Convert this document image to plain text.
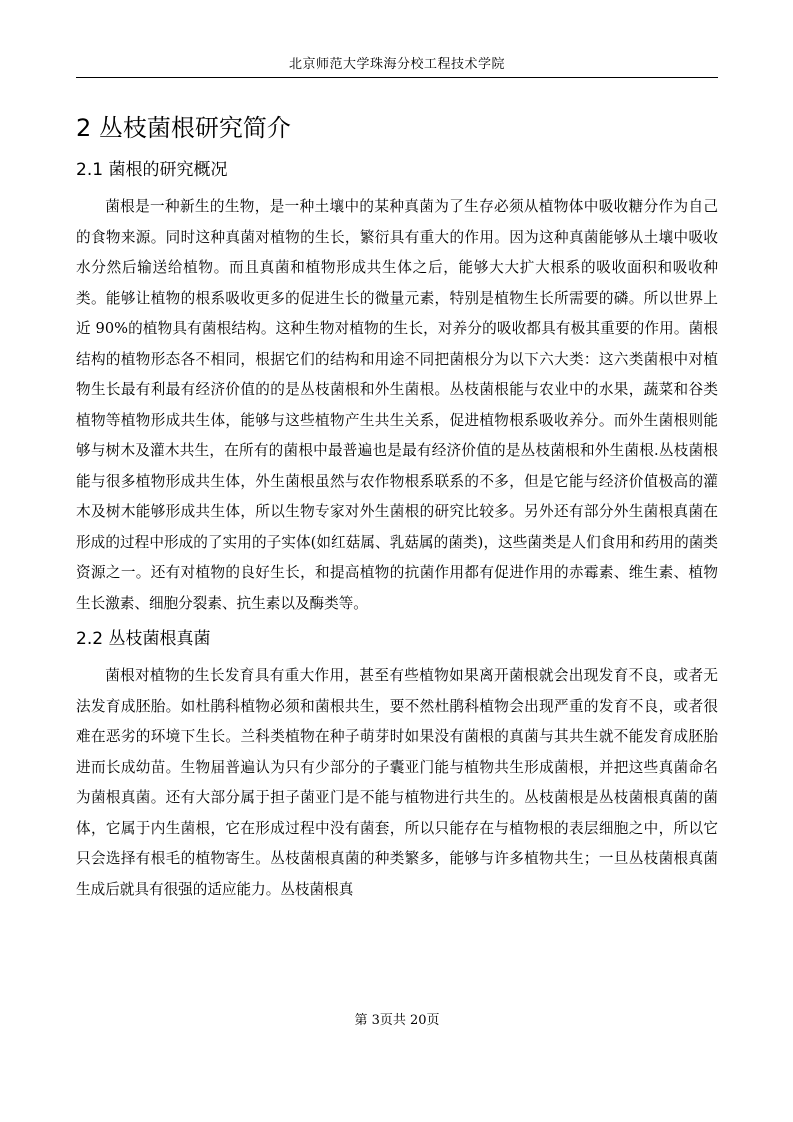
北京师范大学珠海分校工程技术学院
2 丛枝菌根研究简介
2.1 菌根的研究概况

菌根是一种新生的生物，是一种土壤中的某种真菌为了生存必须从植物体中吸收糖分作为自己的食物来源。同时这种真菌对植物的生长，繁衍具有重大的作用。因为这种真菌能够从土壤中吸收水分然后输送给植物。而且真菌和植物形成共生体之后，能够大大扩大根系的吸收面积和吸收种类。能够让植物的根系吸收更多的促进生长的微量元素，特别是植物生长所需要的磷。所以世界上近 90%的植物具有菌根结构。这种生物对植物的生长，对养分的吸收都具有极其重要的作用。菌根结构的植物形态各不相同，根据它们的结构和用途不同把菌根分为以下六大类：这六类菌根中对植物生长最有利最有经济价值的的是丛枝菌根和外生菌根。丛枝菌根能与农业中的水果，蔬菜和谷类植物等植物形成共生体，能够与这些植物产生共生关系，促进植物根系吸收养分。而外生菌根则能够与树木及灌木共生，在所有的菌根中最普遍也是最有经济价值的是丛枝菌根和外生菌根.丛枝菌根能与很多植物形成共生体，外生菌根虽然与农作物根系联系的不多，但是它能与经济价值极高的灌木及树木能够形成共生体，所以生物专家对外生菌根的研究比较多。另外还有部分外生菌根真菌在形成的过程中形成的了实用的子实体(如红菇属、乳菇属的菌类)，这些菌类是人们食用和药用的菌类资源之一。还有对植物的良好生长，和提高植物的抗菌作用都有促进作用的赤霉素、维生素、植物生长激素、细胞分裂素、抗生素以及酶类等。

2.2 丛枝菌根真菌

菌根对植物的生长发育具有重大作用，甚至有些植物如果离开菌根就会出现发育不良，或者无法发育成胚胎。如杜鹃科植物必须和菌根共生，要不然杜鹃科植物会出现严重的发育不良，或者很难在恶劣的环境下生长。兰科类植物在种子萌芽时如果没有菌根的真菌与其共生就不能发育成胚胎进而长成幼苗。生物届普遍认为只有少部分的子囊亚门能与植物共生形成菌根，并把这些真菌命名为菌根真菌。还有大部分属于担子菌亚门是不能与植物进行共生的。丛枝菌根是丛枝菌根真菌的菌体，它属于内生菌根，它在形成过程中没有菌套，所以只能存在与植物根的表层细胞之中，所以它只会选择有根毛的植物寄生。丛枝菌根真菌的种类繁多，能够与许多植物共生；一旦丛枝菌根真菌生成后就具有很强的适应能力。丛枝菌根真

第 3页共 20页
